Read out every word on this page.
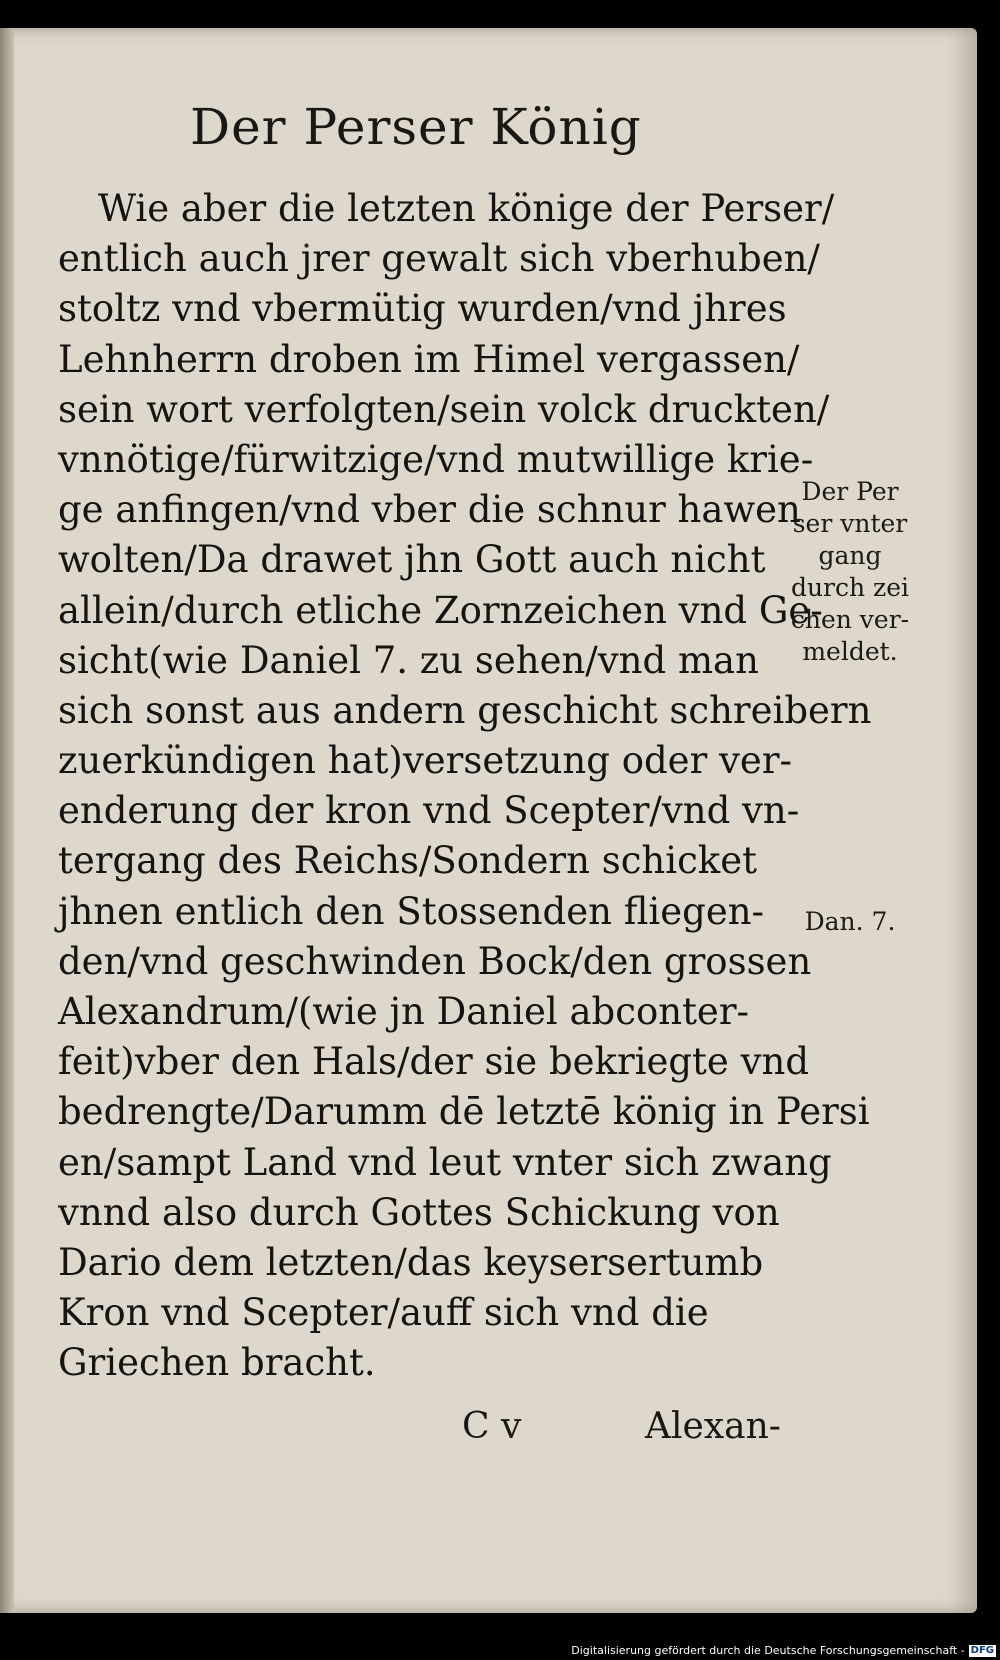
Der Perser König
Wie aber die letzten könige der Perser/
entlich auch jrer gewalt sich vberhuben/
stoltz vnd vbermütig wurden/vnd jhres
Lehnherrn droben im Himel vergassen/
sein wort verfolgten/sein volck druckten/
vnnötige/fürwitzige/vnd mutwillige krie-
ge anfingen/vnd vber die schnur hawen
wolten/Da drawet jhn Gott auch nicht
allein/durch etliche Zornzeichen vnd Ge-
sicht(wie Daniel 7. zu sehen/vnd man
sich sonst aus andern geschicht schreibern
zuerkündigen hat)versetzung oder ver-
enderung der kron vnd Scepter/vnd vn-
tergang des Reichs/Sondern schicket
jhnen entlich den Stossenden fliegen-
den/vnd geschwinden Bock/den grossen
Alexandrum/(wie jn Daniel abconter-
feit)vber den Hals/der sie bekriegte vnd
bedrengte/Darumm dē letztē könig in Persi
en/sampt Land vnd leut vnter sich zwang
vnnd also durch Gottes Schickung von
Dario dem letzten/das keysersertumb
Kron vnd Scepter/auff sich vnd die
Griechen bracht.
Der Per
ser vnter
gang
durch zei
chen ver-
meldet.
Dan. 7.
C v	Alexan-
Digitalisierung gefördert durch die Deutsche Forschungsgemeinschaft - DFG
